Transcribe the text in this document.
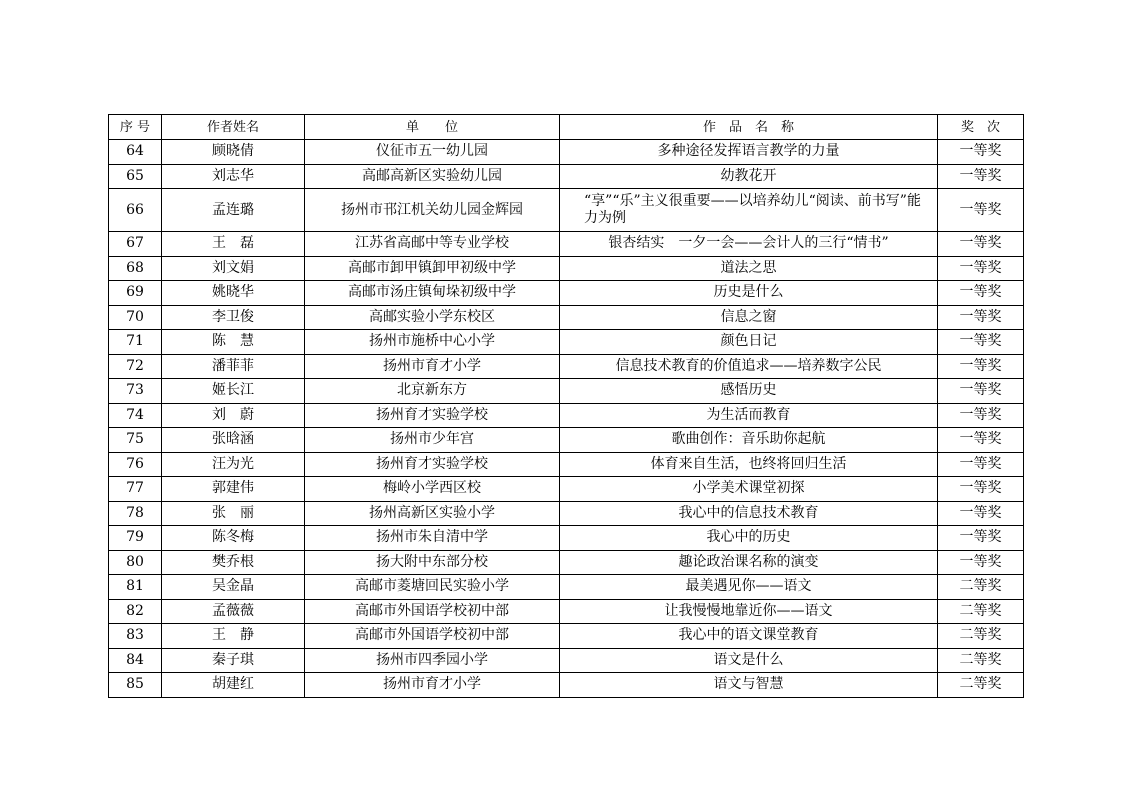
序 号	作者姓名	单　　位	作　品　名　称	奖　次
64	顾晓倩	仪征市五一幼儿园	多种途径发挥语言教学的力量	一等奖
65	刘志华	高邮高新区实验幼儿园	幼教花开	一等奖
66	孟连璐	扬州市邗江机关幼儿园金辉园	“享”“乐”主义很重要——以培养幼儿“阅读、前书写”能力为例	一等奖
67	王　磊	江苏省高邮中等专业学校	银杏结实　一夕一会——会计人的三行“情书”	一等奖
68	刘文娟	高邮市卸甲镇卸甲初级中学	道法之思	一等奖
69	姚晓华	高邮市汤庄镇甸垛初级中学	历史是什么	一等奖
70	李卫俊	高邮实验小学东校区	信息之窗	一等奖
71	陈　慧	扬州市施桥中心小学	颜色日记	一等奖
72	潘菲菲	扬州市育才小学	信息技术教育的价值追求——培养数字公民	一等奖
73	姬长江	北京新东方	感悟历史	一等奖
74	刘　蔚	扬州育才实验学校	为生活而教育	一等奖
75	张晗涵	扬州市少年宫	歌曲创作：音乐助你起航	一等奖
76	汪为光	扬州育才实验学校	体育来自生活，也终将回归生活	一等奖
77	郭建伟	梅岭小学西区校	小学美术课堂初探	一等奖
78	张　丽	扬州高新区实验小学	我心中的信息技术教育	一等奖
79	陈冬梅	扬州市朱自清中学	我心中的历史	一等奖
80	樊乔根	扬大附中东部分校	趣论政治课名称的演变	一等奖
81	吴金晶	高邮市菱塘回民实验小学	最美遇见你——语文	二等奖
82	孟薇薇	高邮市外国语学校初中部	让我慢慢地靠近你——语文	二等奖
83	王　静	高邮市外国语学校初中部	我心中的语文课堂教育	二等奖
84	秦子琪	扬州市四季园小学	语文是什么	二等奖
85	胡建红	扬州市育才小学	语文与智慧	二等奖
